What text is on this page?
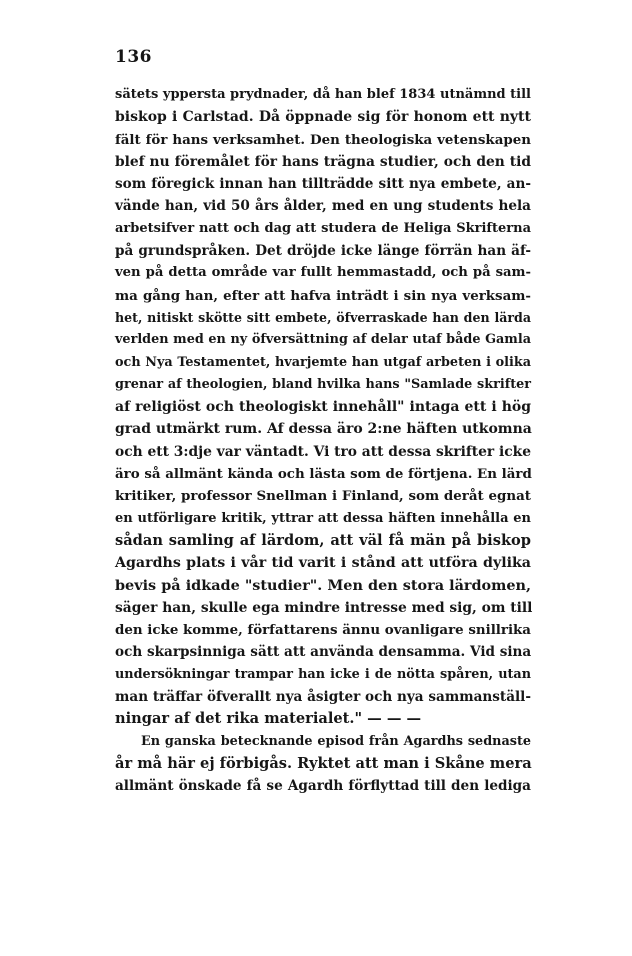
136
sätets yppersta prydnader, då han blef 1834 utnämnd till
biskop i Carlstad. Då öppnade sig för honom ett nytt
fält för hans verksamhet. Den theologiska vetenskapen
blef nu föremålet för hans trägna studier, och den tid
som föregick innan han tillträdde sitt nya embete, an-
vände han, vid 50 års ålder, med en ung students hela
arbetsifver natt och dag att studera de Heliga Skrifterna
på grundspråken. Det dröjde icke länge förrän han äf-
ven på detta område var fullt hemmastadd, och på sam-
ma gång han, efter att hafva inträdt i sin nya verksam-
het, nitiskt skötte sitt embete, öfverraskade han den lärda
verlden med en ny öfversättning af delar utaf både Gamla
och Nya Testamentet, hvarjemte han utgaf arbeten i olika
grenar af theologien, bland hvilka hans "Samlade skrifter
af religiöst och theologiskt innehåll" intaga ett i hög
grad utmärkt rum. Af dessa äro 2:ne häften utkomna
och ett 3:dje var väntadt. Vi tro att dessa skrifter icke
äro så allmänt kända och lästa som de förtjena. En lärd
kritiker, professor Snellman i Finland, som deråt egnat
en utförligare kritik, yttrar att dessa häften innehålla en
sådan samling af lärdom, att väl få män på biskop
Agardhs plats i vår tid varit i stånd att utföra dylika
bevis på idkade "studier". Men den stora lärdomen,
säger han, skulle ega mindre intresse med sig, om till
den icke komme, författarens ännu ovanligare snillrika
och skarpsinniga sätt att använda densamma. Vid sina
undersökningar trampar han icke i de nötta spåren, utan
man träffar öfverallt nya åsigter och nya sammanställ-
ningar af det rika materialet." — — —
En ganska betecknande episod från Agardhs sednaste
år må här ej förbigås. Ryktet att man i Skåne mera
allmänt önskade få se Agardh förflyttad till den lediga
